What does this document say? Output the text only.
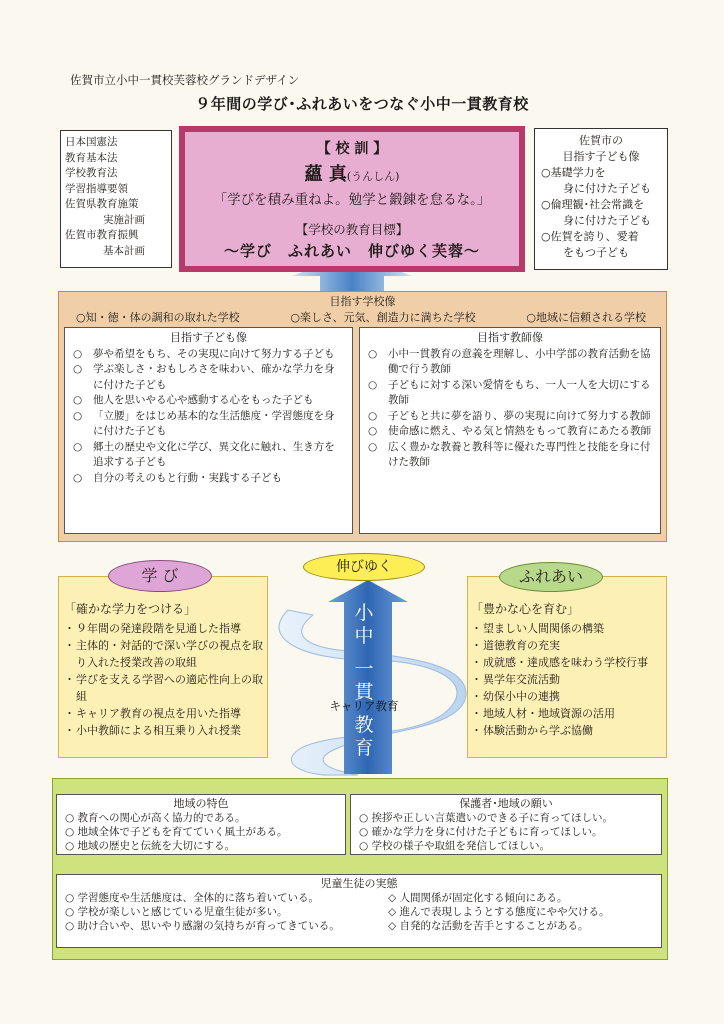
佐賀市立小中一貫校芙蓉校グランドデザイン
９年間の学び･ふれあいをつなぐ小中一貫教育校
日本国憲法
教育基本法
学校教育法
学習指導要領
佐賀県教育施策
実施計画
佐賀市教育振興
基本計画
【 校 訓 】
蘊 真(うんしん)
「学びを積み重ねよ。勉学と鍛錬を怠るな。」
【学校の教育目標】
～学び　ふれあい　伸びゆく芙蓉～
佐賀市の
目指す子ども像
○基礎学力を
身に付けた子ども
○倫理観･社会常識を
身に付けた子ども
○佐賀を誇り、愛着
をもつ子ども
目指す学校像
○知・徳・体の調和の取れた学校	○楽しさ、元気、創造力に満ちた学校	○地域に信頼される学校
目指す子ども像
○	夢や希望をもち、その実現に向けて努力する子ども
○	学ぶ楽しさ・おもしろさを味わい、確かな学力を身に付けた子ども
○	他人を思いやる心や感動する心をもった子ども
○	「立腰」をはじめ基本的な生活態度・学習態度を身に付けた子ども
○	郷土の歴史や文化に学び、異文化に触れ、生き方を追求する子ども
○	自分の考えのもと行動・実践する子ども
目指す教師像
○	小中一貫教育の意義を理解し、小中学部の教育活動を協働で行う教師
○	子どもに対する深い愛情をもち、一人一人を大切にする教師
○	子どもと共に夢を語り、夢の実現に向けて努力する教師
○	使命感に燃え、やる気と情熱をもって教育にあたる教師
○	広く豊かな教養と教科等に優れた専門性と技能を身に付けた教師
伸びゆく
学 び	ふれあい
小
中
一
貫
キャリア教育
教
育
「確かな学力をつける」
・ ９年間の発達段階を見通した指導
・ 主体的・対話的で深い学びの視点を取り入れた授業改善の取組
・ 学びを支える学習への適応性向上の取組
・ キャリア教育の視点を用いた指導
・ 小中教師による相互乗り入れ授業
「豊かな心を育む」
・ 望ましい人間関係の構築
・ 道徳教育の充実
・ 成就感・達成感を味わう学校行事
・ 異学年交流活動
・ 幼保小中の連携
・ 地域人材・地域資源の活用
・ 体験活動から学ぶ協働
地域の特色
○ 教育への関心が高く協力的である。
○ 地域全体で子どもを育てていく風土がある。
○ 地域の歴史と伝統を大切にする。
保護者･地域の願い
○ 挨拶や正しい言葉遣いのできる子に育ってほしい。
○ 確かな学力を身に付けた子どもに育ってほしい。
○ 学校の様子や取組を発信してほしい。
児童生徒の実態
○ 学習態度や生活態度は、全体的に落ち着いている。
○ 学校が楽しいと感じている児童生徒が多い。
○ 助け合いや、思いやり感謝の気持ちが育ってきている。
◇ 人間関係が固定化する傾向にある。
◇ 進んで表現しようとする態度にやや欠ける。
◇ 自発的な活動を苦手とすることがある。
